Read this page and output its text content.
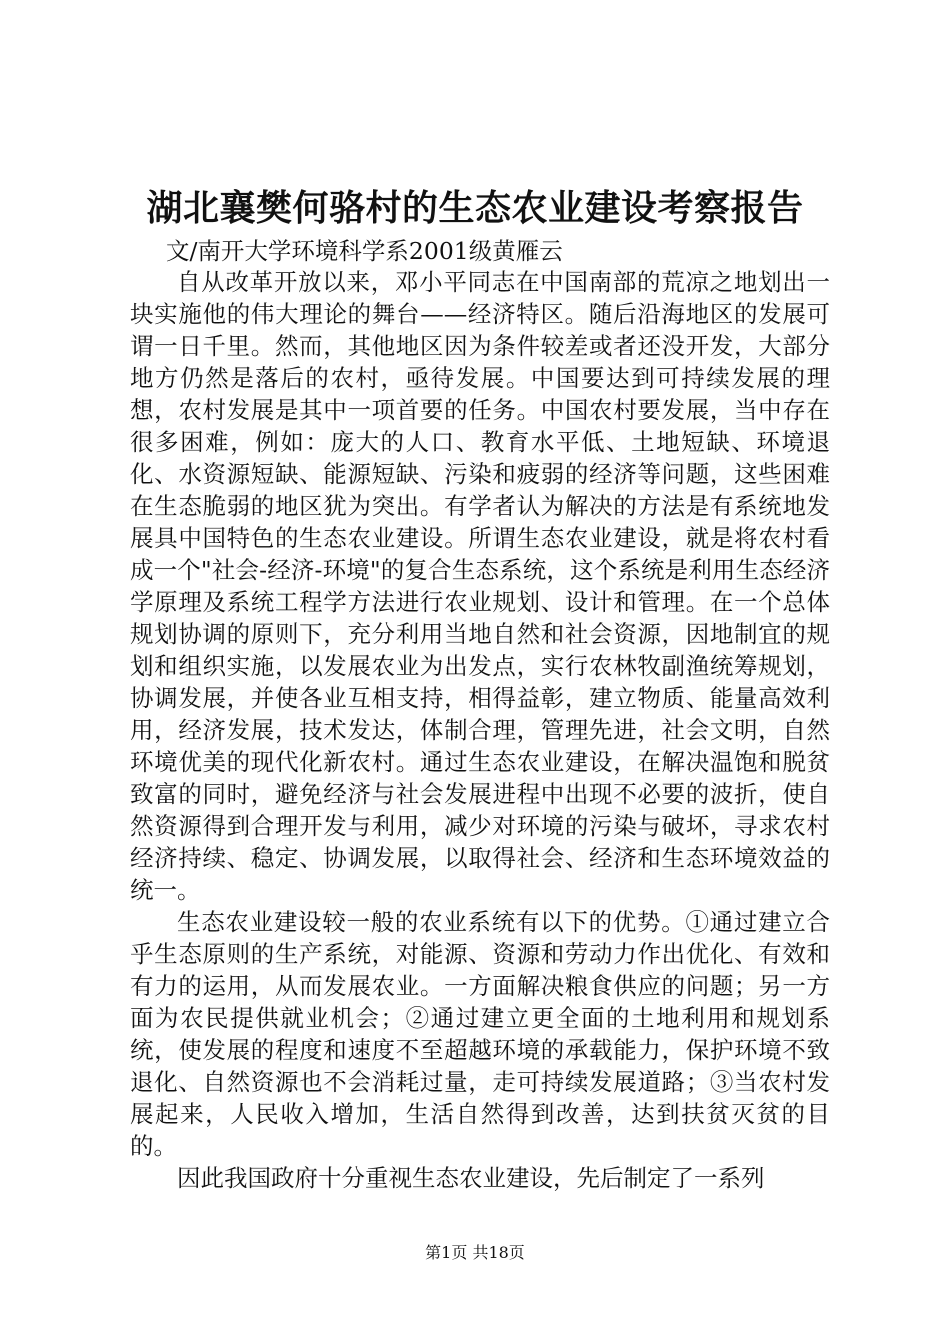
湖北襄樊何骆村的生态农业建设考察报告
文/南开大学环境科学系2001级黄雁云

自从改革开放以来，邓小平同志在中国南部的荒凉之地划出一块实施他的伟大理论的舞台——经济特区。随后沿海地区的发展可谓一日千里。然而，其他地区因为条件较差或者还没开发，大部分地方仍然是落后的农村，亟待发展。中国要达到可持续发展的理想，农村发展是其中一项首要的任务。中国农村要发展，当中存在很多困难，例如：庞大的人口、教育水平低、土地短缺、环境退化、水资源短缺、能源短缺、污染和疲弱的经济等问题，这些困难在生态脆弱的地区犹为突出。有学者认为解决的方法是有系统地发展具中国特色的生态农业建设。所谓生态农业建设，就是将农村看成一个"社会-经济-环境"的复合生态系统，这个系统是利用生态经济学原理及系统工程学方法进行农业规划、设计和管理。在一个总体规划协调的原则下，充分利用当地自然和社会资源，因地制宜的规划和组织实施，以发展农业为出发点，实行农林牧副渔统筹规划，协调发展，并使各业互相支持，相得益彰，建立物质、能量高效利用，经济发展，技术发达，体制合理，管理先进，社会文明，自然环境优美的现代化新农村。通过生态农业建设，在解决温饱和脱贫致富的同时，避免经济与社会发展进程中出现不必要的波折，使自然资源得到合理开发与利用，减少对环境的污染与破坏，寻求农村经济持续、稳定、协调发展，以取得社会、经济和生态环境效益的统一。

生态农业建设较一般的农业系统有以下的优势。①通过建立合乎生态原则的生产系统，对能源、资源和劳动力作出优化、有效和有力的运用，从而发展农业。一方面解决粮食供应的问题；另一方面为农民提供就业机会；②通过建立更全面的土地利用和规划系统，使发展的程度和速度不至超越环境的承载能力，保护环境不致退化、自然资源也不会消耗过量，走可持续发展道路；③当农村发展起来，人民收入增加，生活自然得到改善，达到扶贫灭贫的目的。

因此我国政府十分重视生态农业建设，先后制定了一系列

第1页 共18页
